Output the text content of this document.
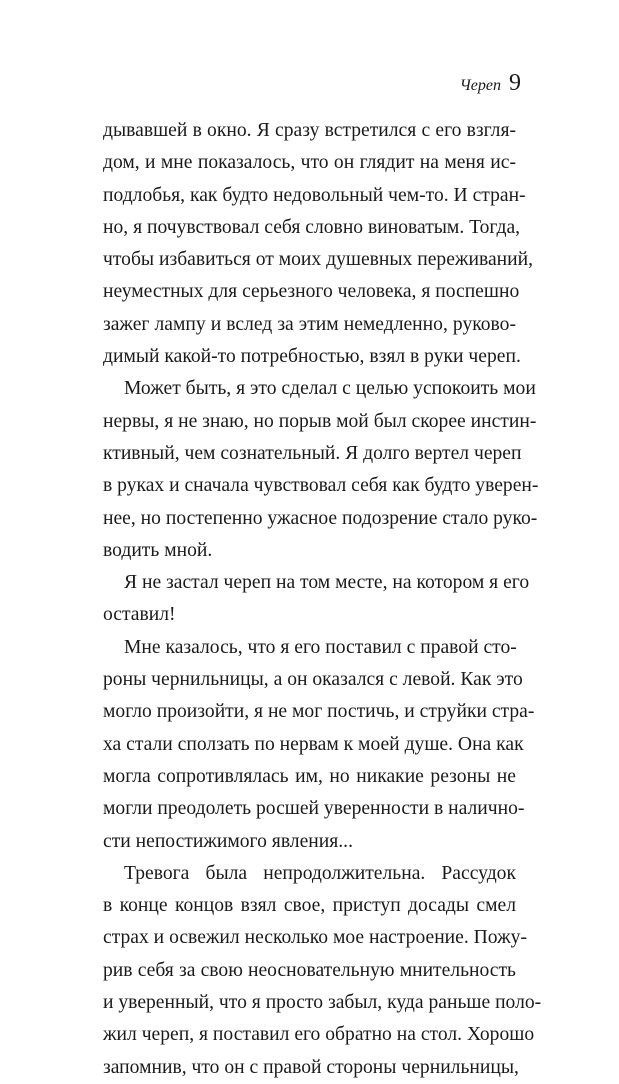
Череп 9
дывавшей в окно. Я сразу встретился с его взгля-
дом, и мне показалось, что он глядит на меня ис-
подлобья, как будто недовольный чем-то. И стран-
но, я почувствовал себя словно виноватым. Тогда,
чтобы избавиться от моих душевных переживаний,
неуместных для серьезного человека, я поспешно
зажег лампу и вслед за этим немедленно, руково-
димый какой-то потребностью, взял в руки череп.
Может быть, я это сделал с целью успокоить мои
нервы, я не знаю, но порыв мой был скорее инстин-
ктивный, чем сознательный. Я долго вертел череп
в руках и сначала чувствовал себя как будто уверен-
нее, но постепенно ужасное подозрение стало руко-
водить мной.
Я не застал череп на том месте, на котором я его
оставил!
Мне казалось, что я его поставил с правой сто-
роны чернильницы, а он оказался с левой. Как это
могло произойти, я не мог постичь, и струйки стра-
ха стали сползать по нервам к моей душе. Она как
могла сопротивлялась им, но никакие резоны не
могли преодолеть росшей уверенности в налично-
сти непостижимого явления...
Тревога была непродолжительна. Рассудок
в конце концов взял свое, приступ досады смел
страх и освежил несколько мое настроение. Пожу-
рив себя за свою неосновательную мнительность
и уверенный, что я просто забыл, куда раньше поло-
жил череп, я поставил его обратно на стол. Хорошо
запомнив, что он с правой стороны чернильницы,
